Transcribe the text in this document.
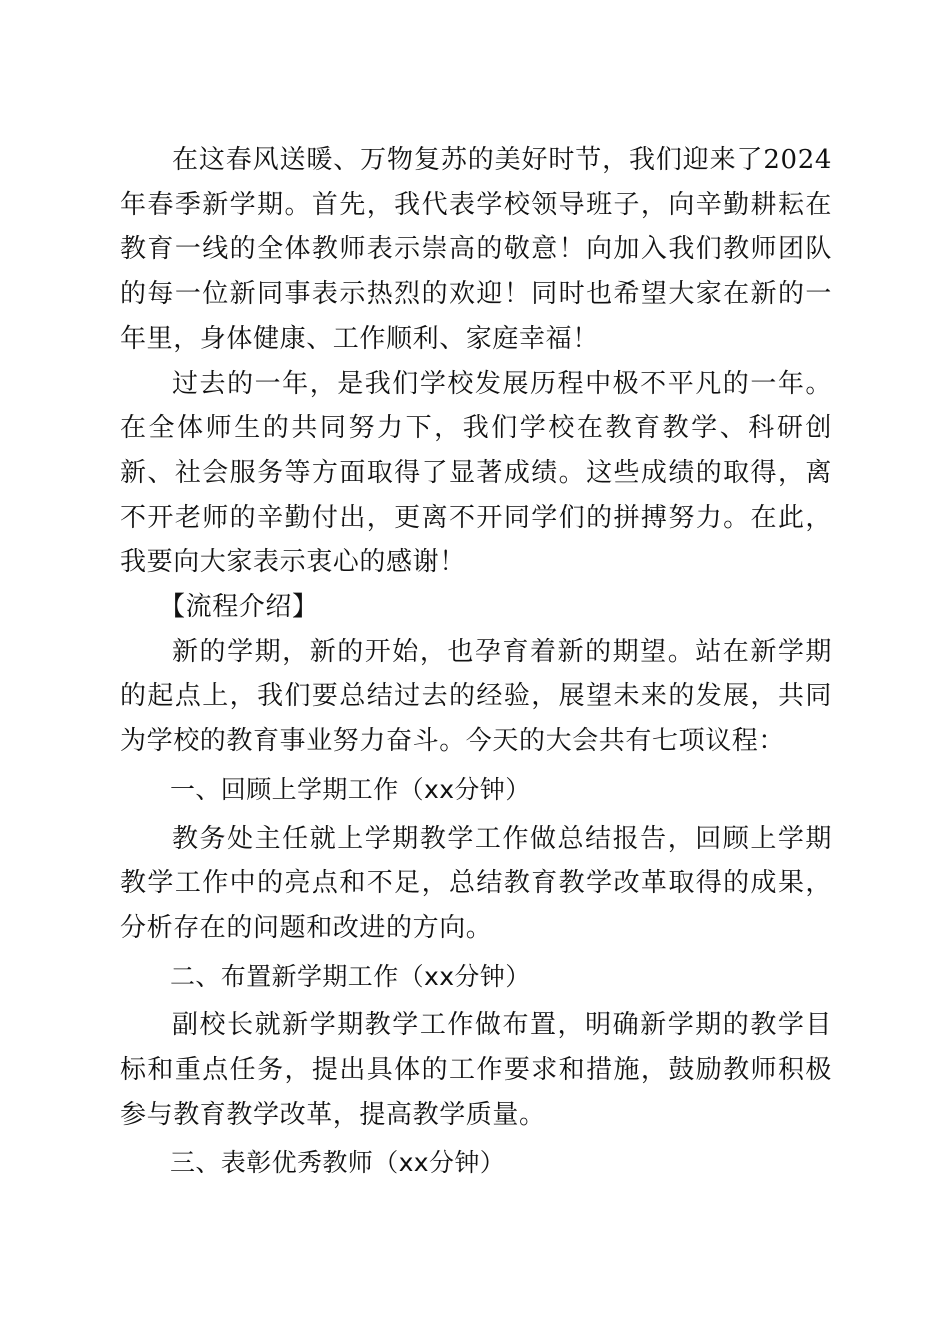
在这春风送暖、万物复苏的美好时节，我们迎来了2024年春季新学期。首先，我代表学校领导班子，向辛勤耕耘在教育一线的全体教师表示崇高的敬意！向加入我们教师团队的每一位新同事表示热烈的欢迎！同时也希望大家在新的一年里，身体健康、工作顺利、家庭幸福！

过去的一年，是我们学校发展历程中极不平凡的一年。在全体师生的共同努力下，我们学校在教育教学、科研创新、社会服务等方面取得了显著成绩。这些成绩的取得，离不开老师的辛勤付出，更离不开同学们的拼搏努力。在此，我要向大家表示衷心的感谢！

【流程介绍】

新的学期，新的开始，也孕育着新的期望。站在新学期的起点上，我们要总结过去的经验，展望未来的发展，共同为学校的教育事业努力奋斗。今天的大会共有七项议程：

一、回顾上学期工作（xx分钟）

教务处主任就上学期教学工作做总结报告，回顾上学期教学工作中的亮点和不足，总结教育教学改革取得的成果，分析存在的问题和改进的方向。

二、布置新学期工作（xx分钟）

副校长就新学期教学工作做布置，明确新学期的教学目标和重点任务，提出具体的工作要求和措施，鼓励教师积极参与教育教学改革，提高教学质量。

三、表彰优秀教师（xx分钟）
